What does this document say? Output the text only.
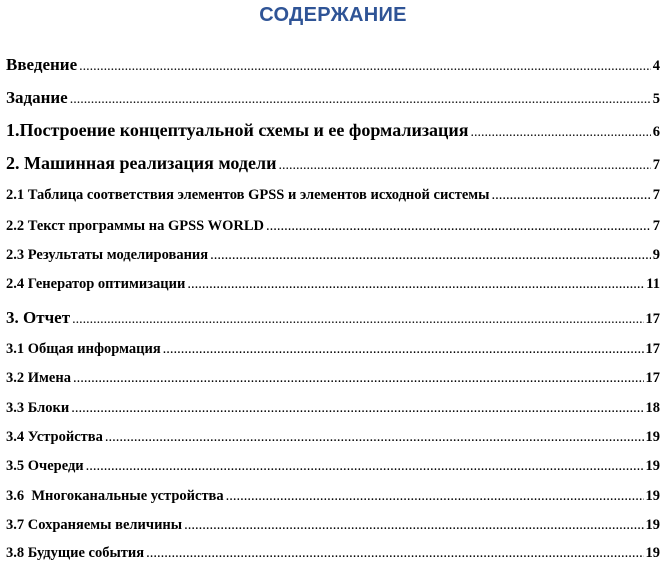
СОДЕРЖАНИЕ
Введение .....	4
Задание .....	5
1.Построение концептуальной схемы и ее формализация .....	6
2. Машинная реализация модели .....	7
2.1 Таблица соответствия элементов GPSS и элементов исходной системы .....	7
2.2 Текст программы на GPSS WORLD .....	7
2.3 Результаты моделирования .....	9
2.4 Генератор оптимизации .....	11
3. Отчет .....	17
3.1 Общая информация .....	17
3.2 Имена .....	17
3.3 Блоки .....	18
3.4 Устройства .....	19
3.5 Очереди .....	19
3.6  Многоканальные устройства .....	19
3.7 Сохраняемы величины .....	19
3.8 Будущие события .....	19
